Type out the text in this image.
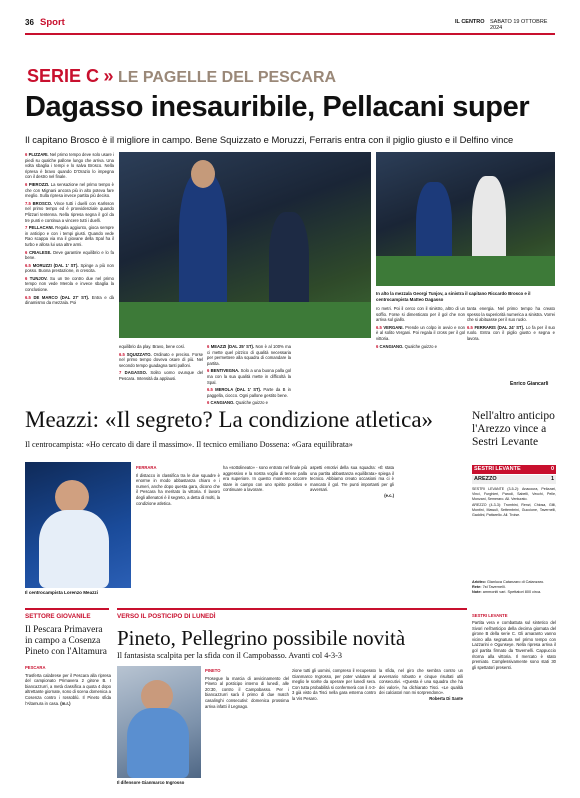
36 Sport	IL CENTRO SABATO 19 OTTOBRE 2024
SERIE C » LE PAGELLE DEL PESCARA
Dagasso inesauribile, Pellacani super
Il capitano Brosco è il migliore in campo. Bene Squizzato e Moruzzi, Ferraris entra con il piglio giusto e il Delfino vince
6 PLIZZARI. Nel primo tempo deve solo usare i piedi su qualche pallone lungo che arriva. Una volta sbaglia i tempi e lo salva Brosco. Nella ripresa è bravo quando D'Orazio lo impegna con il destro nel finale.
6 PIEROZZI. La sensazione nel primo tempo è che con Mignani ancora più in alto poteva fare meglio. Sulla ripresa invece partita più deciso.
7.5 BROSCO. Vince tutti i duelli con Karlsson nel primo tempo ed è provvidenziale quando Plizzari tentenna. Nella ripresa segna il gol da tre punti e continua a vincere tutti i duelli.
7 PELLACANI. Regala aggiunto, gioca sempre in anticipo e con i tempi giusti. Quando vede Rao scappa via ma il giovane della Spal ha il turbo e allora lui usa altre armi.
6 CRIALESE. Deve garantire equilibrio e lo fa bene.
6.5 MORUZZI (DAL 1' ST). Spinge a più non posso. Buona prestazione, in crescita.
6 TUNJOV. Su un tre contro due nel primo tempo non vede Merola e invece sbaglia la conclusione.
6.5 DE MARCO (DAL 27' ST). Entra e dà dinamismo da mezzala. Poi
In alto la mezzala Georgi Tunjov, a sinistra il capitano Riccardo Brosco e il centrocampista Matteo Dagasso
equilibrio da play. Bravo, bene così.
6.5 SQUIZZATO. Ordinato e preciso. Forse nel primo tempo doveva osare di più. Nel secondo tempo guadagna tanti palloni.
7 DAGASSO. Solito uomo ovunque del Pescara. Intensità da applausi.
6 MEAZZI (DAL 25' ST). Non è al 100% ma ci mette quel pizzico di qualità necessaria per permettere alla squadra di comandare la partita.
6 BENTIVEGNA. Solo a una buona palla gol ma con la sua qualità mette in difficoltà la Spal.
6.5 MEROLA (DAL 1' ST). Parte da B in paggella, ciocco. Ogni pallone gestito bene.
6 CANGIANO. Qualche guizzo e
ro metri. Poi il cerco con il sinistro, altro di un soffio. Forse si dimenticato per il gol che non arriva sul giallo.
6.5 VERGANI. Prende un colpo in avvio e non è al solito Vergani. Poi regala il cross per il gol vittoria.
6 CANGIANO. Qualche guizzo e
tanta energia. Nel primo tempo ha creato spesso la superiorità numerica a sinistra. Vorrei che si abituasse per il suo ruolo.
6.5 FERRARIS (DAL 24' ST). Lo fa per il suo ruolo. Entra con il piglio giusto e segna e lavora.
Enrico Giancarli
Meazzi: «Il segreto? La condizione atletica»
Il centrocampista: «Ho cercato di dare il massimo». Il tecnico emiliano Dossena: «Gara equilibrata»
Il centrocampista Lorenzo Meazzi
FERRARA
Il distacco in classifica tra le due squadre è enorme in modo abbastanza chiaro e i numeri, anche dopo questa gara, dicono che il Pescara ha meritato la vittoria. Il lavoro degli allenatori è il segreto, a detta di molti, la condizione atletica.
ha «sottolineato» - sono entrato nel finale più aggressivo e la nostra voglia di tenere palla era superiore. In questo momento occorre stare in campo con uno spirito positivo e continuare a lavorare.
aspetti emotivi della sua squadra: «È stata una partita abbastanza equilibrata» spiega il tecnico. Abbiamo creato occasioni ma ci è mancato il gol. Tre punti importanti per gli avversari.
(e.c.)
Nell'altro anticipo l'Arezzo vince a Sestri Levante
SESTRI LEVANTE	0
AREZZO	1
SESTRI LEVANTE (3-5-2): Anacoura, Pelizzari, Vinci, Furghieri, Parodi, Sabelli, Vecchi, Pelle, Monzani, Semeraro. All. Venturato.
AREZZO (4-3-3): Trombini, Renzi, Chiosa, Gilli, Montini, Mawuli, Settembrini, Guccione, Tavernelli, Gaddini, Pattarello. All. Troise.
Arbitro: Gianluca Catanzaro di Catanzaro.
Rete: 7st Tavernelli.
Note: ammoniti vari. Spettatori 800 circa.
SESTRI LEVANTE
Partita vera e combattuta sul sintetico del Sivori nell'anticipo della decima giornata del girone B della serie C. Gli amaranto vanno vicino alla segnatura nel primo tempo con Lazzarini e Ogunseye. Nella ripresa arriva il gol partita firmato da Tavernelli. Cappuccio ritorna alla vittoria. Il mercato è stato premiato. Complessivamente sono stati 30 gli spettatori presenti.
SETTORE GIOVANILE
Il Pescara Primavera in campo a Cosenza Pineto con l'Altamura
PESCARA
Trasferta calabrese per il Pescara alla ripresa del campionato Primavera 2 girone B. I biancazzurri, a metà classifica a quota 4 dopo altrettante giornate, sono di scena domenica a Cosenza contro i rossoblù. Il Pineto sfida l'Altamura in casa. (m.r.)
VERSO IL POSTICIPO DI LUNEDÌ
Pineto, Pellegrino possibile novità
Il fantasista scalpita per la sfida con il Campobasso. Avanti col 4-3-3
Il difensore Gianmarco Ingrosso
PINETO
Prosegue la marcia di avvicinamento del Pineto al posticipo interno di lunedì, alle 20:30, contro il Campobasso. Per i biancazzurri sarà il primo di due match casalinghi consecutivi: domenica prossima arriva infatti il Legnago.
zione tutti gli uomini, compreso il recuperato Gianmarco Ingrosso, per poter valutare al meglio le scelte da operare per lunedì sera. Con tutta probabilità si confermerà con il 4-3-3 già visto da Tisci nella gara esterna contro la Vis Pesaro.
la sfida, nel giro che sembra contro un avversario robusto e cinque risultati utili consecutivi. «Questa è una squadra che ha dei valori», ha dichiarato Tisci. «Le qualità dei calciatori non mi sorprendono».
Roberta Di Sante
